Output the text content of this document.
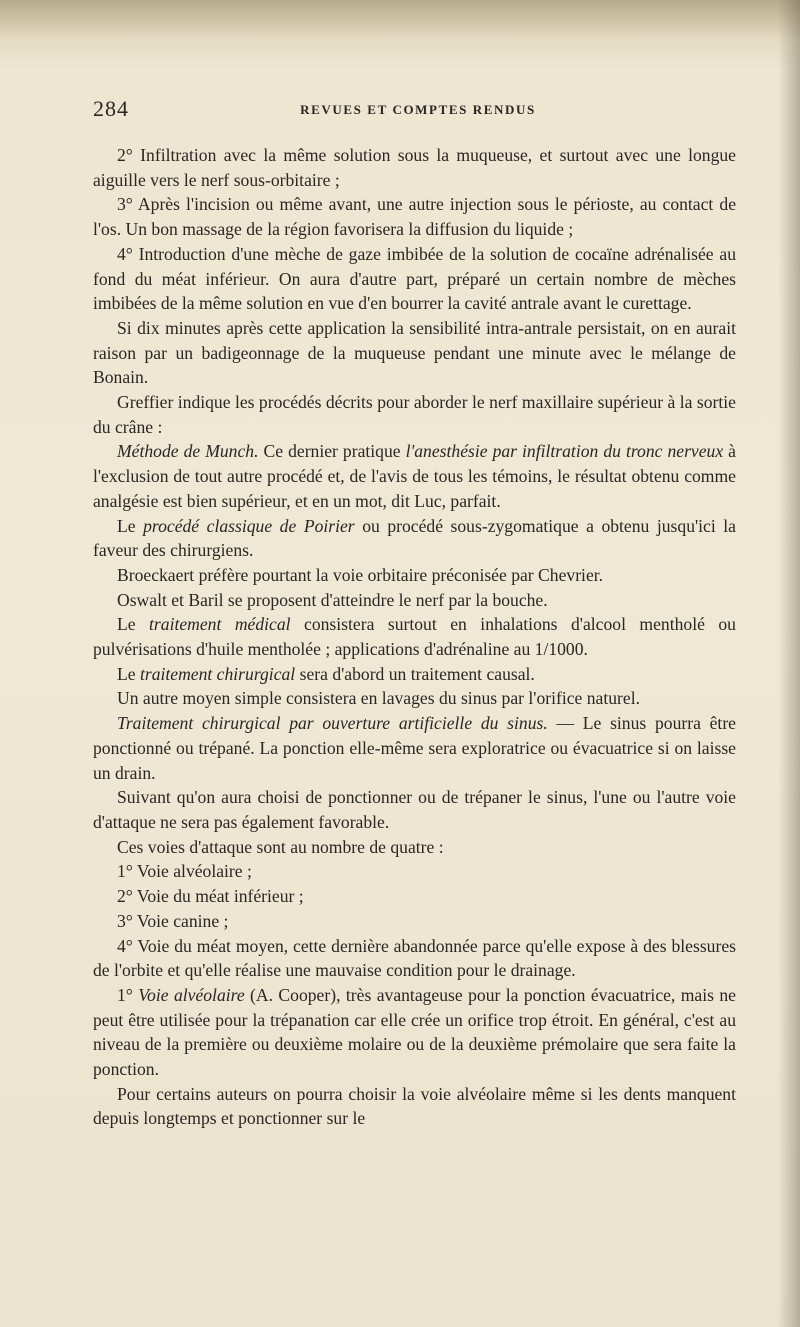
284	REVUES ET COMPTES RENDUS

2° Infiltration avec la même solution sous la muqueuse, et surtout avec une longue aiguille vers le nerf sous-orbitaire ;

3° Après l'incision ou même avant, une autre injection sous le périoste, au contact de l'os. Un bon massage de la région favorisera la diffusion du liquide ;

4° Introduction d'une mèche de gaze imbibée de la solution de cocaïne adrénalisée au fond du méat inférieur. On aura d'autre part, préparé un certain nombre de mèches imbibées de la même solution en vue d'en bourrer la cavité antrale avant le curettage.

Si dix minutes après cette application la sensibilité intra-antrale persistait, on en aurait raison par un badigeonnage de la muqueuse pendant une minute avec le mélange de Bonain.

Greffier indique les procédés décrits pour aborder le nerf maxillaire supérieur à la sortie du crâne :

Méthode de Munch. Ce dernier pratique l'anesthésie par infiltration du tronc nerveux à l'exclusion de tout autre procédé et, de l'avis de tous les témoins, le résultat obtenu comme analgésie est bien supérieur, et en un mot, dit Luc, parfait.

Le procédé classique de Poirier ou procédé sous-zygomatique a obtenu jusqu'ici la faveur des chirurgiens.

Broeckaert préfère pourtant la voie orbitaire préconisée par Chevrier.

Oswalt et Baril se proposent d'atteindre le nerf par la bouche.

Le traitement médical consistera surtout en inhalations d'alcool mentholé ou pulvérisations d'huile mentholée ; applications d'adrénaline au 1/1000.

Le traitement chirurgical sera d'abord un traitement causal.

Un autre moyen simple consistera en lavages du sinus par l'orifice naturel.

Traitement chirurgical par ouverture artificielle du sinus. — Le sinus pourra être ponctionné ou trépané. La ponction elle-même sera exploratrice ou évacuatrice si on laisse un drain.

Suivant qu'on aura choisi de ponctionner ou de trépaner le sinus, l'une ou l'autre voie d'attaque ne sera pas également favorable.

Ces voies d'attaque sont au nombre de quatre :

1° Voie alvéolaire ;

2° Voie du méat inférieur ;

3° Voie canine ;

4° Voie du méat moyen, cette dernière abandonnée parce qu'elle expose à des blessures de l'orbite et qu'elle réalise une mauvaise condition pour le drainage.

1° Voie alvéolaire (A. Cooper), très avantageuse pour la ponction évacuatrice, mais ne peut être utilisée pour la trépanation car elle crée un orifice trop étroit. En général, c'est au niveau de la première ou deuxième molaire ou de la deuxième prémolaire que sera faite la ponction.

Pour certains auteurs on pourra choisir la voie alvéolaire même si les dents manquent depuis longtemps et ponctionner sur le
